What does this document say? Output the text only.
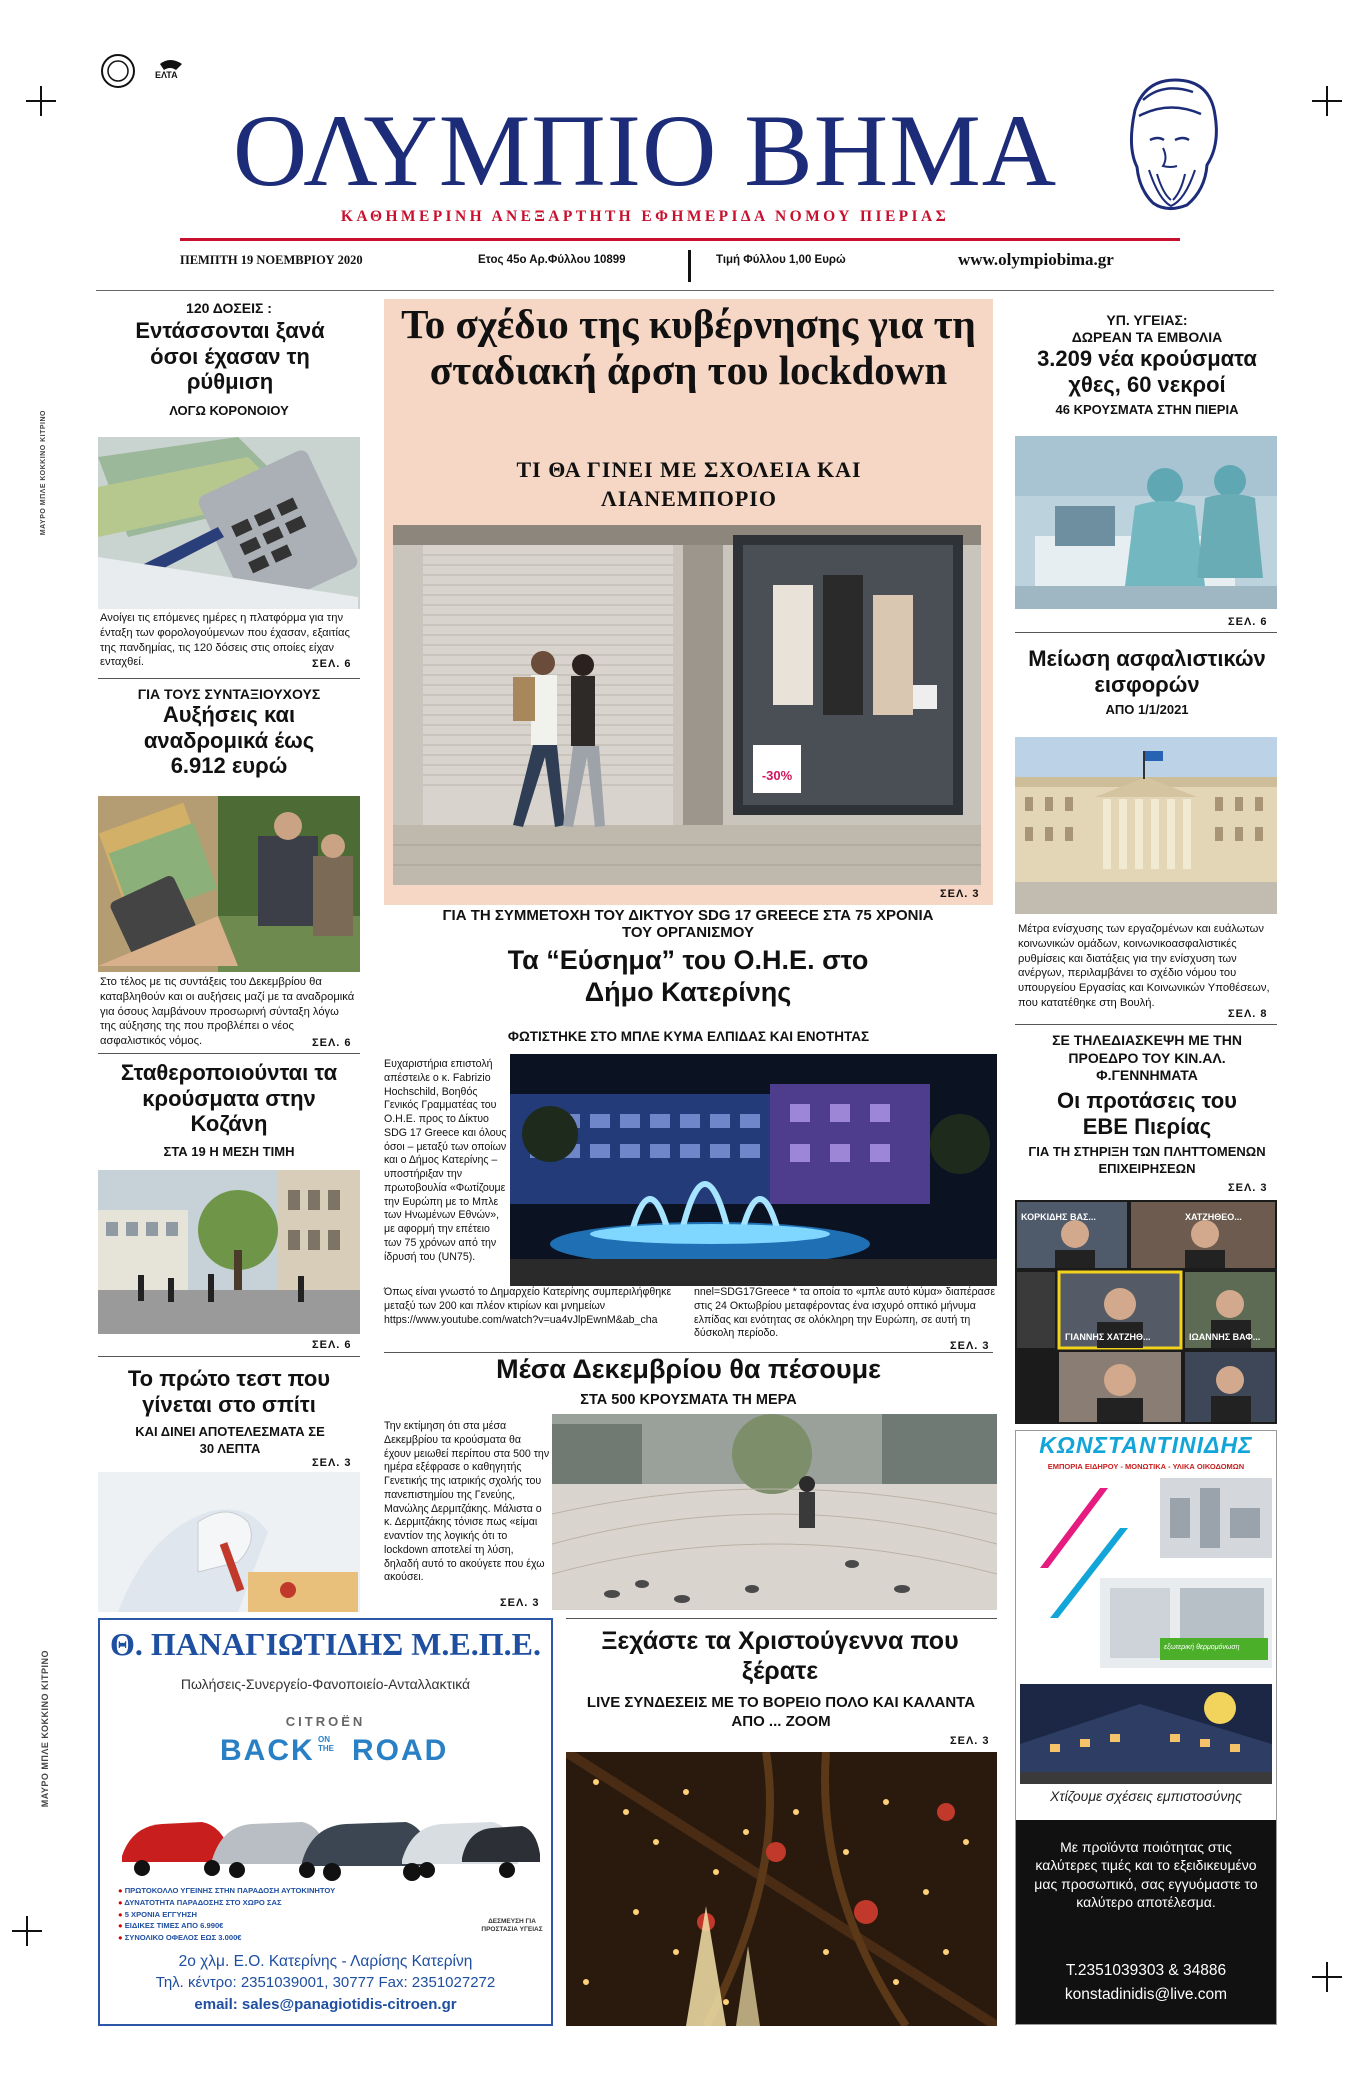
ΜΑΥΡΟ ΜΠΛΕ ΚΟΚΚΙΝΟ ΚΙΤΡΙΝΟ
ΜΑΥΡΟ ΜΠΛΕ ΚΟΚΚΙΝΟ ΚΙΤΡΙΝΟ
ΕΛΤΑ
ΟΛΥΜΠΙΟ ΒΗΜΑ
ΚΑΘΗΜΕΡΙΝΗ ΑΝΕΞΑΡΤΗΤΗ ΕΦΗΜΕΡΙΔΑ ΝΟΜΟΥ ΠΙΕΡΙΑΣ
ΠΕΜΠΤΗ 19 ΝΟΕΜΒΡΙΟΥ 2020	Ετος 45ο Αρ.Φύλλου 10899	Τιμή Φύλλου 1,00 Ευρώ	www.olympiobima.gr
120 ΔΟΣΕΙΣ :
Εντάσσονται ξανά όσοι έχασαν τη ρύθμιση
ΛΟΓΩ ΚΟΡΟΝΟΙΟΥ
Ανοίγει τις επόμενες ημέρες η πλατφόρμα για την ένταξη των φορολογούμενων που έχασαν, εξαιτίας της πανδημίας, τις 120 δόσεις στις οποίες είχαν ενταχθεί.	ΣΕΛ. 6
ΓΙΑ ΤΟΥΣ ΣΥΝΤΑΞΙΟΥΧΟΥΣ
Αυξήσεις και αναδρομικά έως 6.912 ευρώ
Στο τέλος με τις συντάξεις του Δεκεμβρίου θα καταβληθούν και οι αυξήσεις μαζί με τα αναδρομικά για όσους λαμβάνουν προσωρινή σύνταξη λόγω της αύξησης της που προβλέπει ο νέος ασφαλιστικός νόμος.	ΣΕΛ. 6
Σταθεροποιούνται τα κρούσματα στην Κοζάνη
ΣΤΑ 19 Η ΜΕΣΗ ΤΙΜΗ
ΣΕΛ. 6
Το πρώτο τεστ που γίνεται στο σπίτι
ΚΑΙ ΔΙΝΕΙ ΑΠΟΤΕΛΕΣΜΑΤΑ ΣΕ 30 ΛΕΠΤΑ
ΣΕΛ. 3
Το σχέδιο της κυβέρνησης για τη σταδιακή άρση του lockdown
ΤΙ ΘΑ ΓΙΝΕΙ ΜΕ ΣΧΟΛΕΙΑ ΚΑΙ ΛΙΑΝΕΜΠΟΡΙΟ
-30%
ΣΕΛ. 3
ΓΙΑ ΤΗ ΣΥΜΜΕΤΟΧΗ ΤΟΥ ΔΙΚΤΥΟΥ SDG 17 GREECE ΣΤΑ 75 ΧΡΟΝΙΑ ΤΟΥ ΟΡΓΑΝΙΣΜΟΥ
Τα “Εύσημα” του Ο.Η.Ε. στο Δήμο Κατερίνης
ΦΩΤΙΣΤΗΚΕ ΣΤΟ ΜΠΛΕ ΚΥΜΑ ΕΛΠΙΔΑΣ ΚΑΙ ΕΝΟΤΗΤΑΣ
Ευχαριστήρια επιστολή απέστειλε ο κ. Fabrizio Hochschild, Βοηθός Γενικός Γραμματέας του Ο.Η.Ε. προς το Δίκτυο SDG 17 Greece και όλους όσοι – μεταξύ των οποίων και ο Δήμος Κατερίνης – υποστήριξαν την πρωτοβουλία «Φωτίζουμε την Ευρώπη με το Μπλε των Ηνωμένων Εθνών», με αφορμή την επέτειο των 75 χρόνων από την ίδρυσή του (UN75).
Όπως είναι γνωστό το Δημαρχείο Κατερίνης συμπεριλήφθηκε μεταξύ των 200 και πλέον κτιρίων και μνημείων https://www.youtube.com/watch?v=ua4vJlpEwnM&ab_cha
nnel=SDG17Greece * τα οποία το «μπλε αυτό κύμα» διαπέρασε στις 24 Οκτωβρίου μεταφέροντας ένα ισχυρό οπτικό μήνυμα ελπίδας και ενότητας σε ολόκληρη την Ευρώπη, σε αυτή τη δύσκολη περίοδο.
ΣΕΛ. 3
Μέσα Δεκεμβρίου θα πέσουμε
ΣΤΑ 500 ΚΡΟΥΣΜΑΤΑ ΤΗ ΜΕΡΑ
Την εκτίμηση ότι στα μέσα Δεκεμβρίου τα κρούσματα θα έχουν μειωθεί περίπου στα 500 την ημέρα εξέφρασε ο καθηγητής Γενετικής της ιατρικής σχολής του πανεπιστημίου της Γενεύης, Μανώλης Δερμιτζάκης. Μάλιστα ο κ. Δερμιτζάκης τόνισε πως «είμαι εναντίον της λογικής ότι το lockdown αποτελεί τη λύση, δηλαδή αυτό το ακούγετε που έχω ακούσει.
ΣΕΛ. 3
Ξεχάστε τα Χριστούγεννα που ξέρατε
LIVE ΣΥΝΔΕΣΕΙΣ ΜΕ ΤΟ ΒΟΡΕΙΟ ΠΟΛΟ ΚΑΙ ΚΑΛΑΝΤΑ ΑΠΟ ... ZOOM
ΣΕΛ. 3
Θ. ΠΑΝΑΓΙΩΤΙΔΗΣ Μ.Ε.Π.Ε.
Πωλήσεις-Συνεργείο-Φανοποιείο-Ανταλλακτικά
CITROËN
BACK ON THE ROAD
● ΠΡΩΤΟΚΟΛΛΟ ΥΓΕΙΝΗΣ ΣΤΗΝ ΠΑΡΑΔΟΣΗ ΑΥΤΟΚΙΝΗΤΟΥ
● ΔΥΝΑΤΟΤΗΤΑ ΠΑΡΑΔΟΣΗΣ ΣΤΟ ΧΩΡΟ ΣΑΣ
● 5 ΧΡΟΝΙΑ ΕΓΓΥΗΣΗ
● ΕΙΔΙΚΕΣ ΤΙΜΕΣ ΑΠΟ 6.990€
● ΣΥΝΟΛΙΚΟ ΟΦΕΛΟΣ ΕΩΣ 3.000€
ΔΕΣΜΕΥΣΗ ΓΙΑ ΠΡΟΣΤΑΣΙΑ ΥΓΕΙΑΣ
2ο χλμ. Ε.Ο. Κατερίνης - Λαρίσης Κατερίνη
Τηλ. κέντρο: 2351039001, 30777 Fax: 2351027272
email: sales@panagiotidis-citroen.gr
ΥΠ. ΥΓΕΙΑΣ:
ΔΩΡΕΑΝ ΤΑ ΕΜΒΟΛΙΑ
3.209 νέα κρούσματα χθες, 60 νεκροί
46 ΚΡΟΥΣΜΑΤΑ ΣΤΗΝ ΠΙΕΡΙΑ
ΣΕΛ. 6
Μείωση ασφαλιστικών εισφορών
ΑΠΟ 1/1/2021
Μέτρα ενίσχυσης των εργαζομένων και ευάλωτων κοινωνικών ομάδων, κοινωνικοασφαλιστικές ρυθμίσεις και διατάξεις για την ενίσχυση των ανέργων, περιλαμβάνει το σχέδιο νόμου του υπουργείου Εργασίας και Κοινωνικών Υποθέσεων, που κατατέθηκε στη Βουλή.
ΣΕΛ. 8
ΣΕ ΤΗΛΕΔΙΑΣΚΕΨΗ ΜΕ ΤΗΝ ΠΡΟΕΔΡΟ ΤΟΥ ΚΙΝ.ΑΛ. Φ.ΓΕΝΝΗΜΑΤΑ
Οι προτάσεις του ΕΒΕ Πιερίας
ΓΙΑ ΤΗ ΣΤΗΡΙΞΗ ΤΩΝ ΠΛΗΤΤΟΜΕΝΩΝ ΕΠΙΧΕΙΡΗΣΕΩΝ
ΣΕΛ. 3
ΚΟΡΚΙΔΗΣ ΒΑΣ...	ΧΑΤΖΗΘΕΟ...
ΓΙΑΝΝΗΣ ΧΑΤΖΗΘ...	ΙΩΑΝΝΗΣ ΒΑΦ...
ΚΩΝΣΤΑΝΤΙΝΙΔΗΣ
ΕΜΠΟΡΙΑ ΕΙΔΗΡΟΥ - ΜΟΝΩΤΙΚΑ - ΥΛΙΚΑ ΟΙΚΟΔΟΜΩΝ
εξωτερική θερμομόνωση
Χτίζουμε σχέσεις εμπιστοσύνης
Με προϊόντα ποιότητας στις καλύτερες τιμές και το εξειδικευμένο μας προσωπικό, σας εγγυόμαστε το καλύτερο αποτέλεσμα.
Τ.2351039303 & 34886
konstadinidis@live.com
